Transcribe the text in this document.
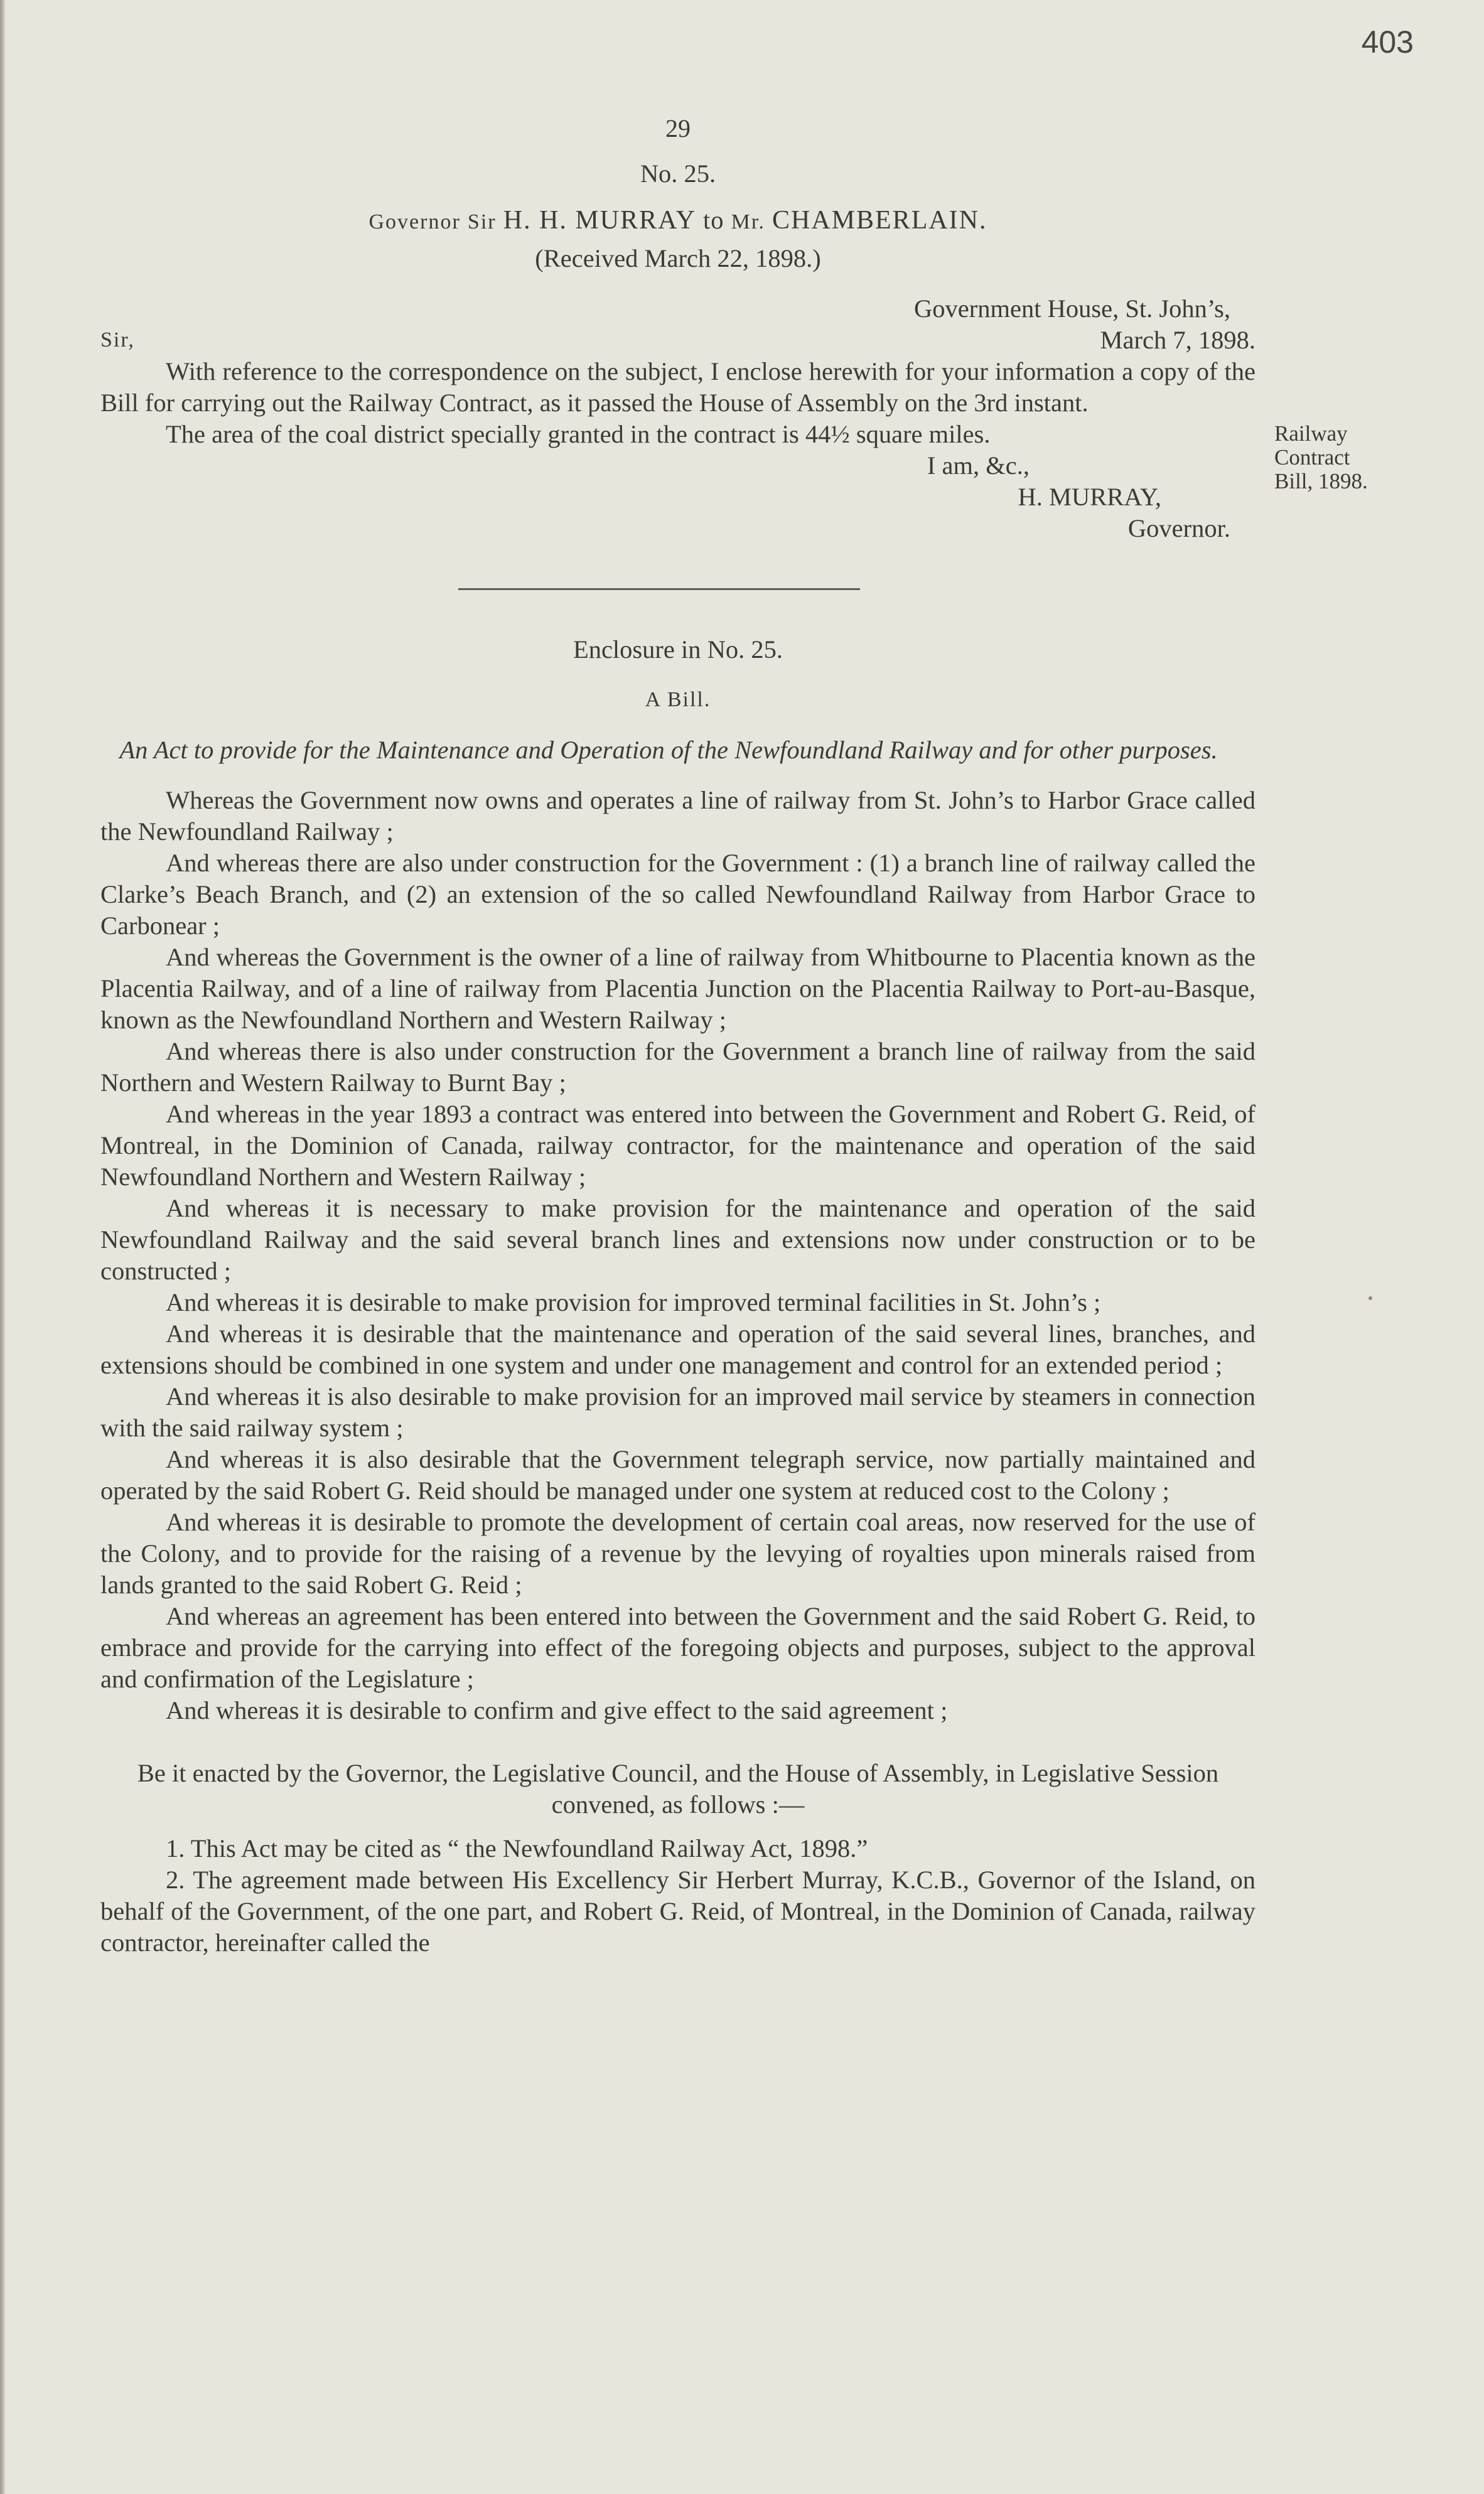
403
Railway
Contract
Bill, 1898.
29
No. 25.
Governor Sir H. H. MURRAY to Mr. CHAMBERLAIN.
(Received March 22, 1898.)
Government House, St. John’s,
Sir,	March 7, 1898.

With reference to the correspondence on the subject, I enclose herewith for your information a copy of the Bill for carrying out the Railway Contract, as it passed the House of Assembly on the 3rd instant.

The area of the coal district specially granted in the contract is 44½ square miles.

I am, &c.,
H. MURRAY,
Governor.
Enclosure in No. 25.
A Bill.
An Act to provide for the Maintenance and Operation of the Newfoundland Railway and for other purposes.

Whereas the Government now owns and operates a line of railway from St. John’s to Harbor Grace called the Newfoundland Railway ;

And whereas there are also under construction for the Government : (1) a branch line of railway called the Clarke’s Beach Branch, and (2) an extension of the so called Newfoundland Railway from Harbor Grace to Carbonear ;

And whereas the Government is the owner of a line of railway from Whitbourne to Placentia known as the Placentia Railway, and of a line of railway from Placentia Junction on the Placentia Railway to Port-au-Basque, known as the Newfoundland Northern and Western Railway ;

And whereas there is also under construction for the Government a branch line of railway from the said Northern and Western Railway to Burnt Bay ;

And whereas in the year 1893 a contract was entered into between the Government and Robert G. Reid, of Montreal, in the Dominion of Canada, railway contractor, for the maintenance and operation of the said Newfoundland Northern and Western Railway ;

And whereas it is necessary to make provision for the maintenance and operation of the said Newfoundland Railway and the said several branch lines and extensions now under construction or to be constructed ;

And whereas it is desirable to make provision for improved terminal facilities in St. John’s ;

And whereas it is desirable that the maintenance and operation of the said several lines, branches, and extensions should be combined in one system and under one management and control for an extended period ;

And whereas it is also desirable to make provision for an improved mail service by steamers in connection with the said railway system ;

And whereas it is also desirable that the Government telegraph service, now partially maintained and operated by the said Robert G. Reid should be managed under one system at reduced cost to the Colony ;

And whereas it is desirable to promote the development of certain coal areas, now reserved for the use of the Colony, and to provide for the raising of a revenue by the levying of royalties upon minerals raised from lands granted to the said Robert G. Reid ;

And whereas an agreement has been entered into between the Government and the said Robert G. Reid, to embrace and provide for the carrying into effect of the foregoing objects and purposes, subject to the approval and confirmation of the Legislature ;

And whereas it is desirable to confirm and give effect to the said agreement ;

Be it enacted by the Governor, the Legislative Council, and the House of Assembly, in Legislative Session convened, as follows :—

1. This Act may be cited as “ the Newfoundland Railway Act, 1898.”

2. The agreement made between His Excellency Sir Herbert Murray, K.C.B., Governor of the Island, on behalf of the Government, of the one part, and Robert G. Reid, of Montreal, in the Dominion of Canada, railway contractor, hereinafter called the
